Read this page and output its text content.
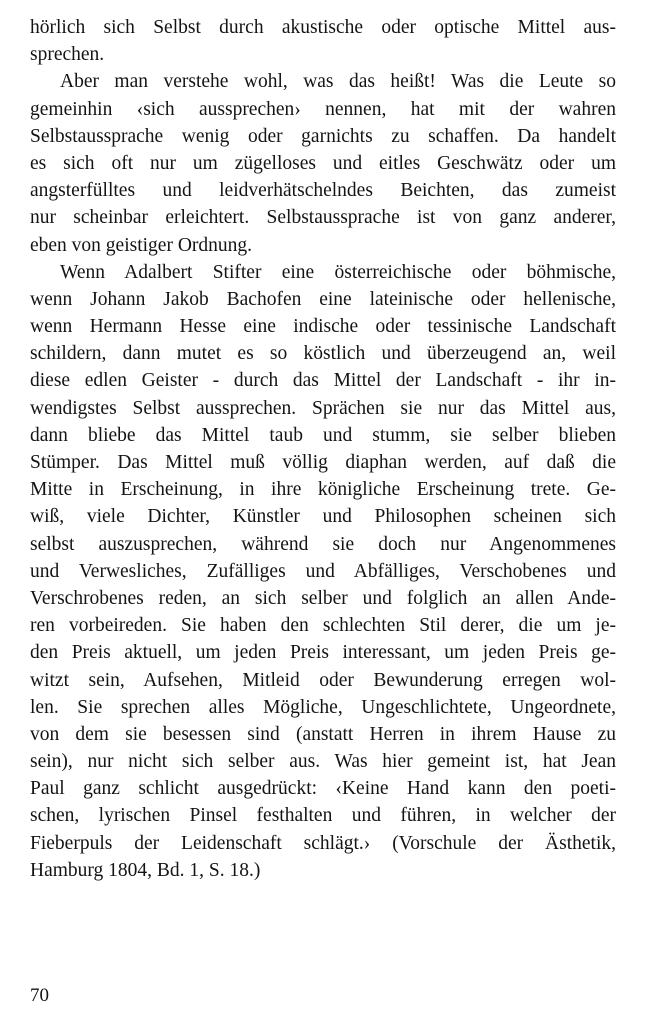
hörlich sich Selbst durch akustische oder optische Mittel aus-
sprechen.
Aber man verstehe wohl, was das heißt! Was die Leute so
gemeinhin ‹sich aussprechen› nennen, hat mit der wahren
Selbstaussprache wenig oder garnichts zu schaffen. Da handelt
es sich oft nur um zügelloses und eitles Geschwätz oder um
angsterfülltes und leidverhätschelndes Beichten, das zumeist
nur scheinbar erleichtert. Selbstaussprache ist von ganz anderer,
eben von geistiger Ordnung.
Wenn Adalbert Stifter eine österreichische oder böhmische,
wenn Johann Jakob Bachofen eine lateinische oder hellenische,
wenn Hermann Hesse eine indische oder tessinische Landschaft
schildern, dann mutet es so köstlich und überzeugend an, weil
diese edlen Geister - durch das Mittel der Landschaft - ihr in-
wendigstes Selbst aussprechen. Sprächen sie nur das Mittel aus,
dann bliebe das Mittel taub und stumm, sie selber blieben
Stümper. Das Mittel muß völlig diaphan werden, auf daß die
Mitte in Erscheinung, in ihre königliche Erscheinung trete. Ge-
wiß, viele Dichter, Künstler und Philosophen scheinen sich
selbst auszusprechen, während sie doch nur Angenommenes
und Verwesliches, Zufälliges und Abfälliges, Verschobenes und
Verschrobenes reden, an sich selber und folglich an allen Ande-
ren vorbeireden. Sie haben den schlechten Stil derer, die um je-
den Preis aktuell, um jeden Preis interessant, um jeden Preis ge-
witzt sein, Aufsehen, Mitleid oder Bewunderung erregen wol-
len. Sie sprechen alles Mögliche, Ungeschlichtete, Ungeordnete,
von dem sie besessen sind (anstatt Herren in ihrem Hause zu
sein), nur nicht sich selber aus. Was hier gemeint ist, hat Jean
Paul ganz schlicht ausgedrückt: ‹Keine Hand kann den poeti-
schen, lyrischen Pinsel festhalten und führen, in welcher der
Fieberpuls der Leidenschaft schlägt.› (Vorschule der Ästhetik,
Hamburg 1804, Bd. 1, S. 18.)
70
